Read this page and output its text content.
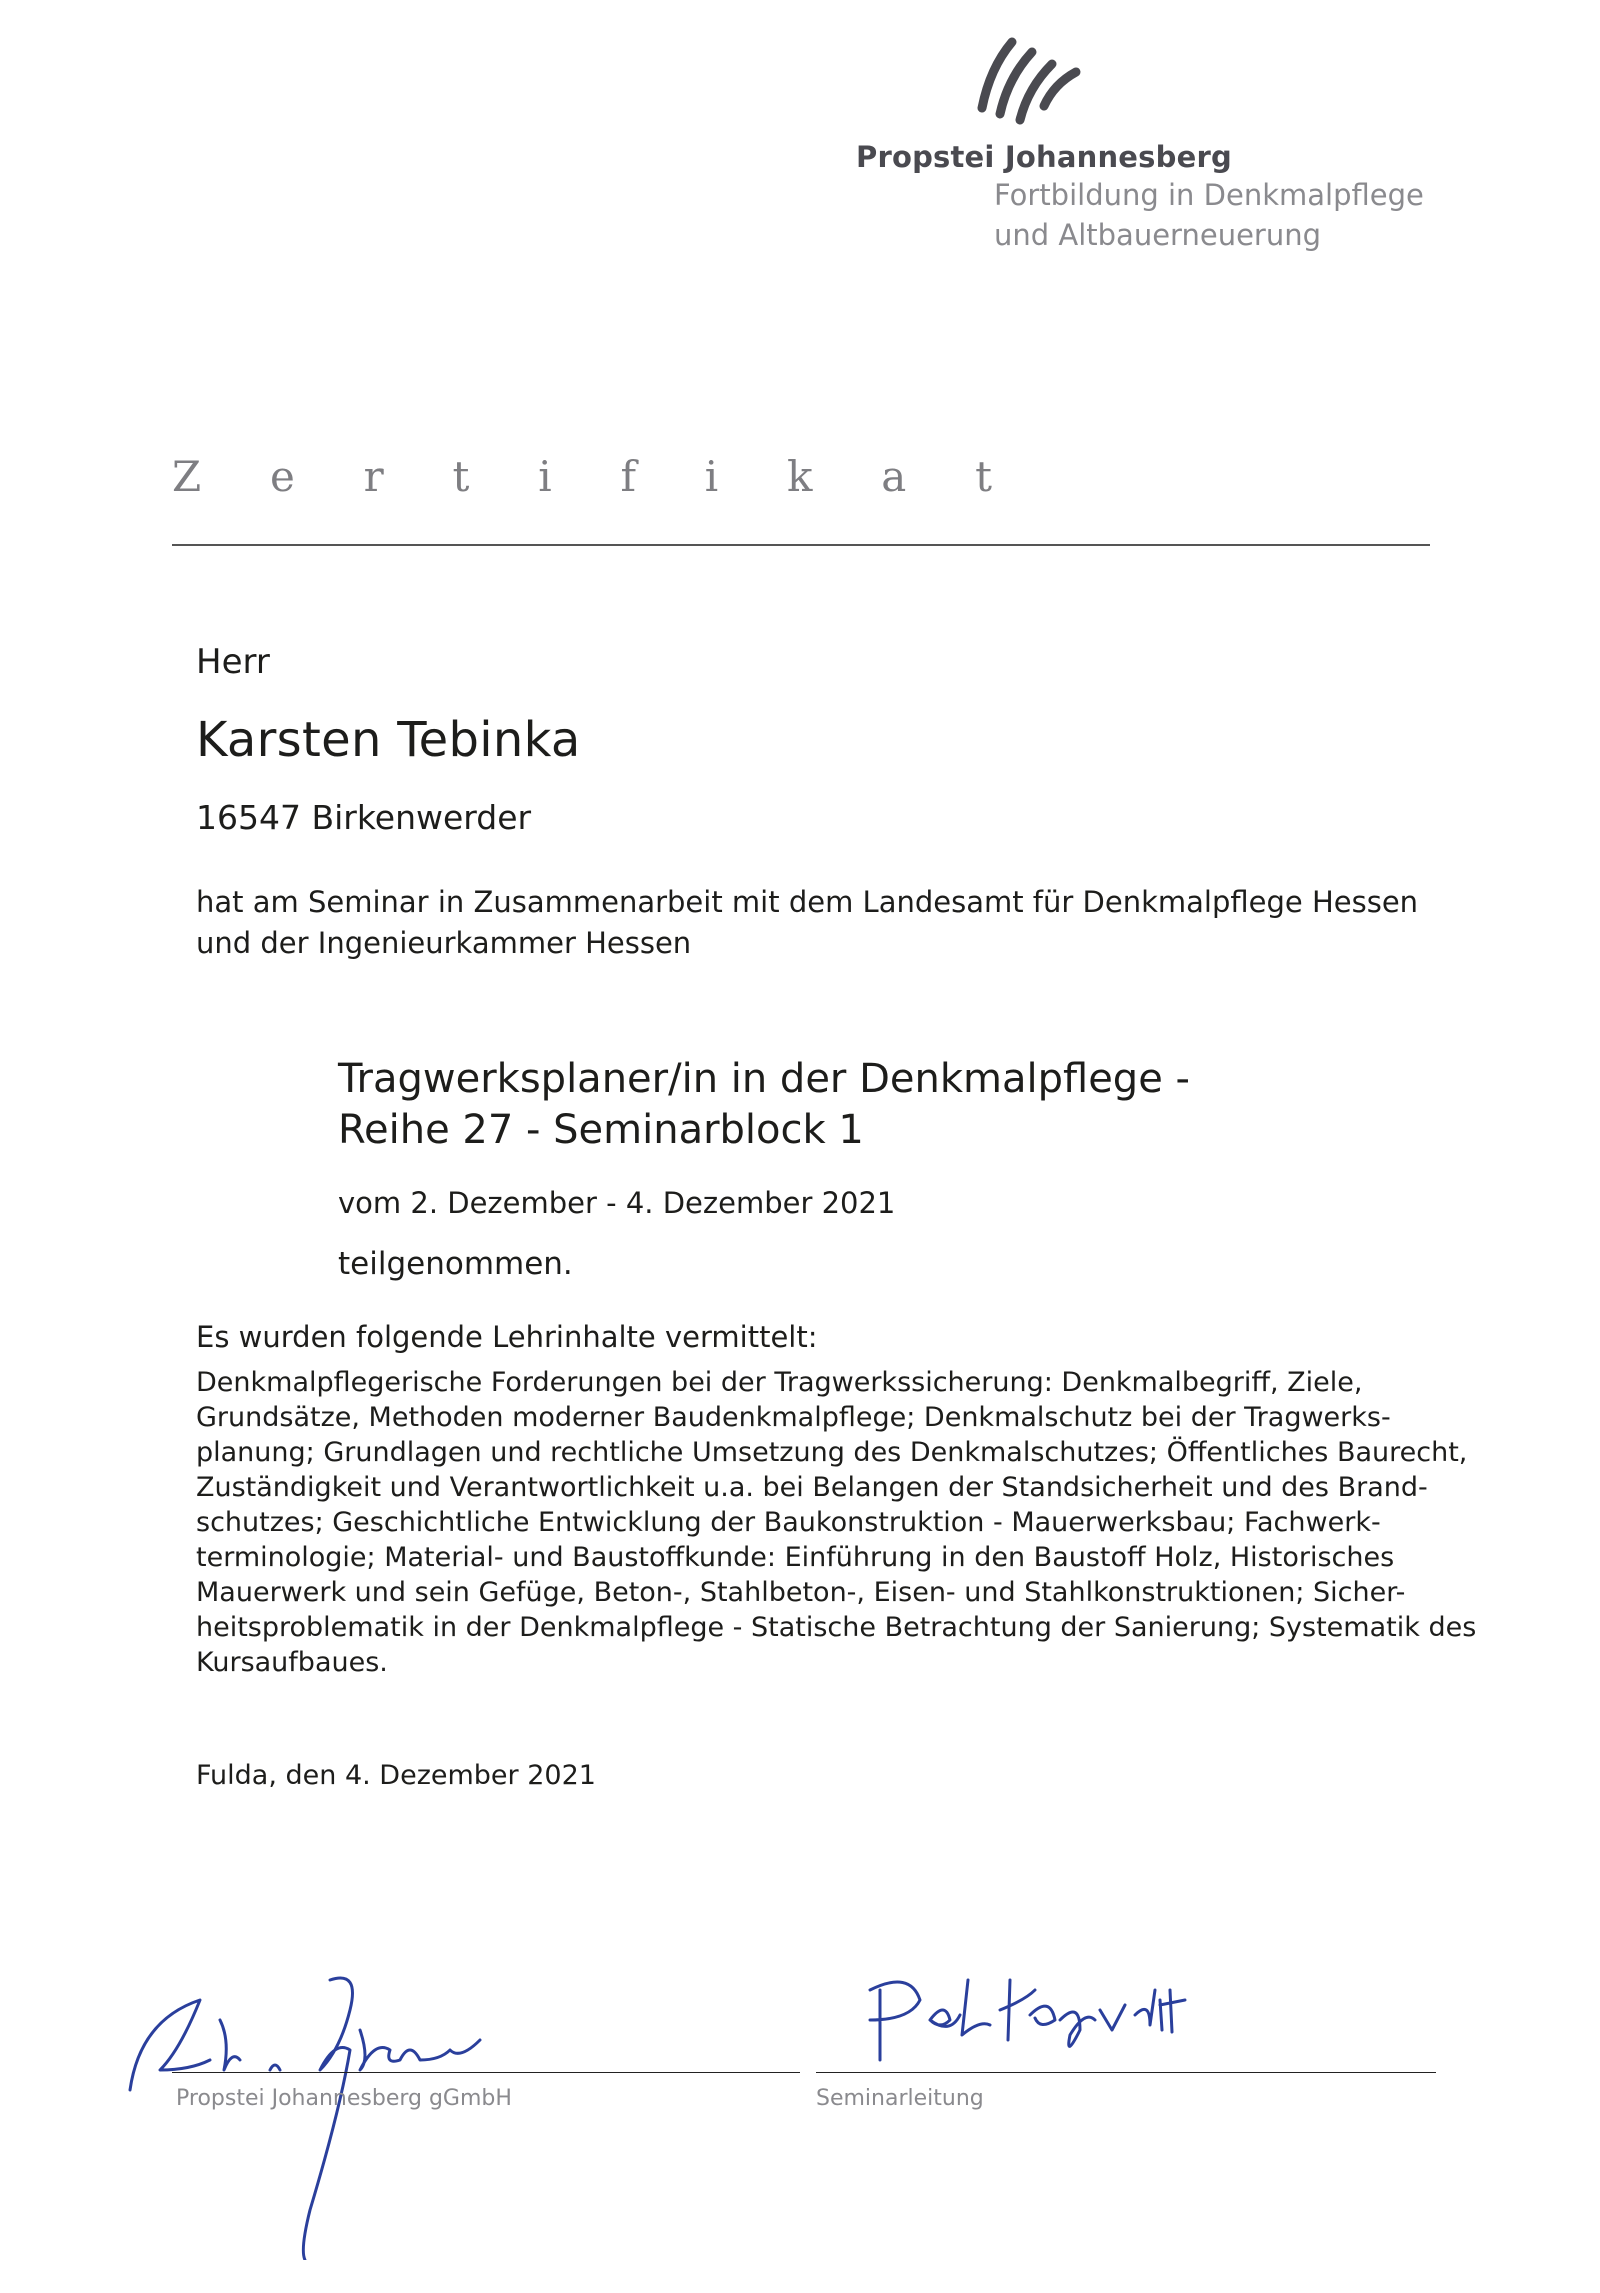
Propstei Johannesberg
Fortbildung in Denkmalpflege
und Altbauerneuerung
Z e r t i f i k a t
Herr
Karsten Tebinka
16547 Birkenwerder
hat am Seminar in Zusammenarbeit mit dem Landesamt für Denkmalpflege Hessen
und der Ingenieurkammer Hessen
Tragwerksplaner/in in der Denkmalpflege -
Reihe 27 - Seminarblock 1
vom 2. Dezember - 4. Dezember 2021
teilgenommen.
Es wurden folgende Lehrinhalte vermittelt:
Denkmalpflegerische Forderungen bei der Tragwerkssicherung: Denkmalbegriff, Ziele,
Grundsätze, Methoden moderner Baudenkmalpflege; Denkmalschutz bei der Tragwerks-
planung; Grundlagen und rechtliche Umsetzung des Denkmalschutzes; Öffentliches Baurecht,
Zuständigkeit und Verantwortlichkeit u.a. bei Belangen der Standsicherheit und des Brand-
schutzes; Geschichtliche Entwicklung der Baukonstruktion - Mauerwerksbau; Fachwerk-
terminologie; Material- und Baustoffkunde: Einführung in den Baustoff Holz, Historisches
Mauerwerk und sein Gefüge, Beton-, Stahlbeton-, Eisen- und Stahlkonstruktionen; Sicher-
heitsproblematik in der Denkmalpflege - Statische Betrachtung der Sanierung; Systematik des
Kursaufbaues.
Fulda, den 4. Dezember 2021
Propstei Johannesberg gGmbH	Seminarleitung
